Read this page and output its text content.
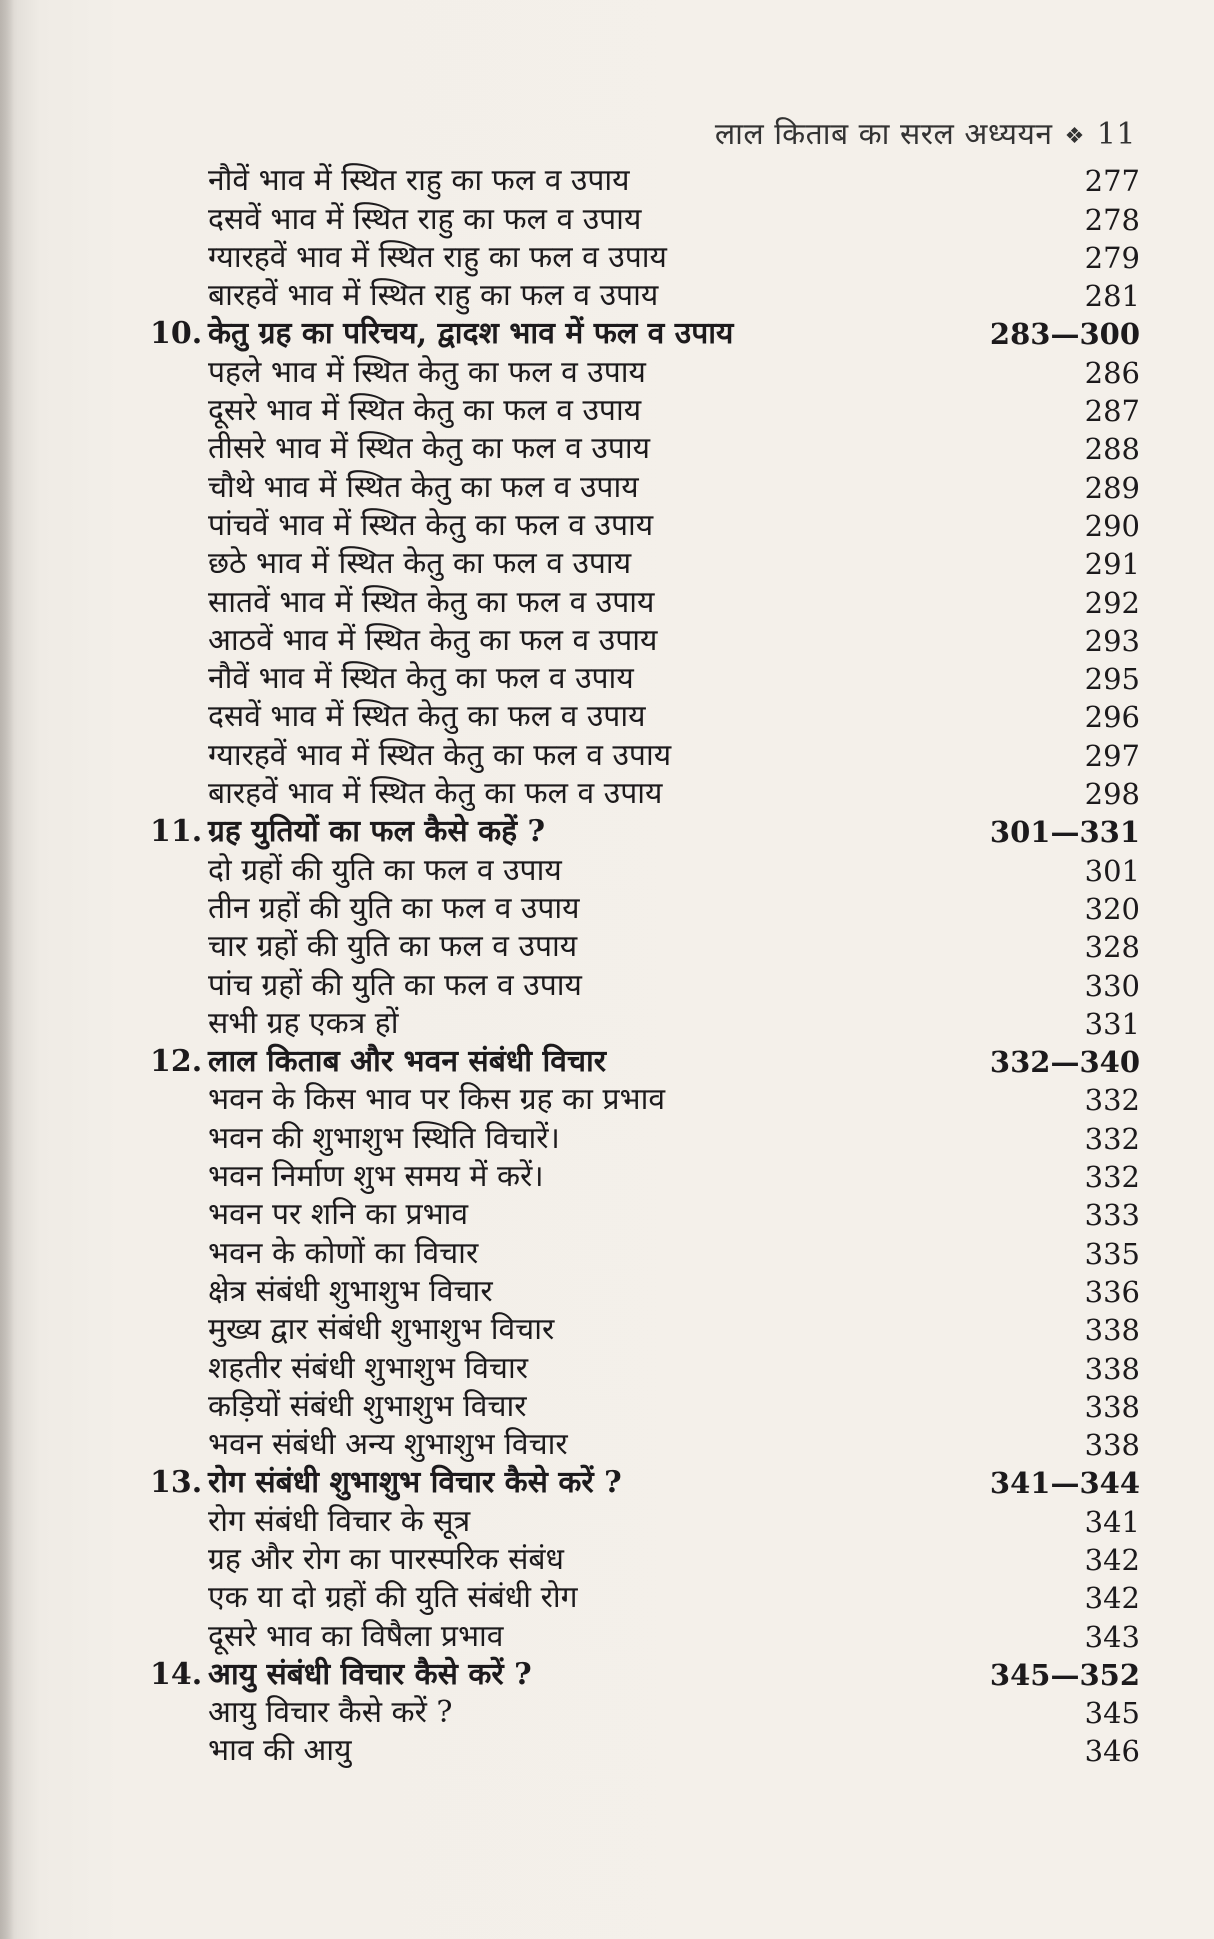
लाल किताब का सरल अध्ययन ❖ 11
नौवें भाव में स्थित राहु का फल व उपाय	277
दसवें भाव में स्थित राहु का फल व उपाय	278
ग्यारहवें भाव में स्थित राहु का फल व उपाय	279
बारहवें भाव में स्थित राहु का फल व उपाय	281
10. केतु ग्रह का परिचय, द्वादश भाव में फल व उपाय	283—300
पहले भाव में स्थित केतु का फल व उपाय	286
दूसरे भाव में स्थित केतु का फल व उपाय	287
तीसरे भाव में स्थित केतु का फल व उपाय	288
चौथे भाव में स्थित केतु का फल व उपाय	289
पांचवें भाव में स्थित केतु का फल व उपाय	290
छठे भाव में स्थित केतु का फल व उपाय	291
सातवें भाव में स्थित केतु का फल व उपाय	292
आठवें भाव में स्थित केतु का फल व उपाय	293
नौवें भाव में स्थित केतु का फल व उपाय	295
दसवें भाव में स्थित केतु का फल व उपाय	296
ग्यारहवें भाव में स्थित केतु का फल व उपाय	297
बारहवें भाव में स्थित केतु का फल व उपाय	298
11. ग्रह युतियों का फल कैसे कहें ?	301—331
दो ग्रहों की युति का फल व उपाय	301
तीन ग्रहों की युति का फल व उपाय	320
चार ग्रहों की युति का फल व उपाय	328
पांच ग्रहों की युति का फल व उपाय	330
सभी ग्रह एकत्र हों	331
12. लाल किताब और भवन संबंधी विचार	332—340
भवन के किस भाव पर किस ग्रह का प्रभाव	332
भवन की शुभाशुभ स्थिति विचारें।	332
भवन निर्माण शुभ समय में करें।	332
भवन पर शनि का प्रभाव	333
भवन के कोणों का विचार	335
क्षेत्र संबंधी शुभाशुभ विचार	336
मुख्य द्वार संबंधी शुभाशुभ विचार	338
शहतीर संबंधी शुभाशुभ विचार	338
कड़ियों संबंधी शुभाशुभ विचार	338
भवन संबंधी अन्य शुभाशुभ विचार	338
13. रोग संबंधी शुभाशुभ विचार कैसे करें ?	341—344
रोग संबंधी विचार के सूत्र	341
ग्रह और रोग का पारस्परिक संबंध	342
एक या दो ग्रहों की युति संबंधी रोग	342
दूसरे भाव का विषैला प्रभाव	343
14. आयु संबंधी विचार कैसे करें ?	345—352
आयु विचार कैसे करें ?	345
भाव की आयु	346
